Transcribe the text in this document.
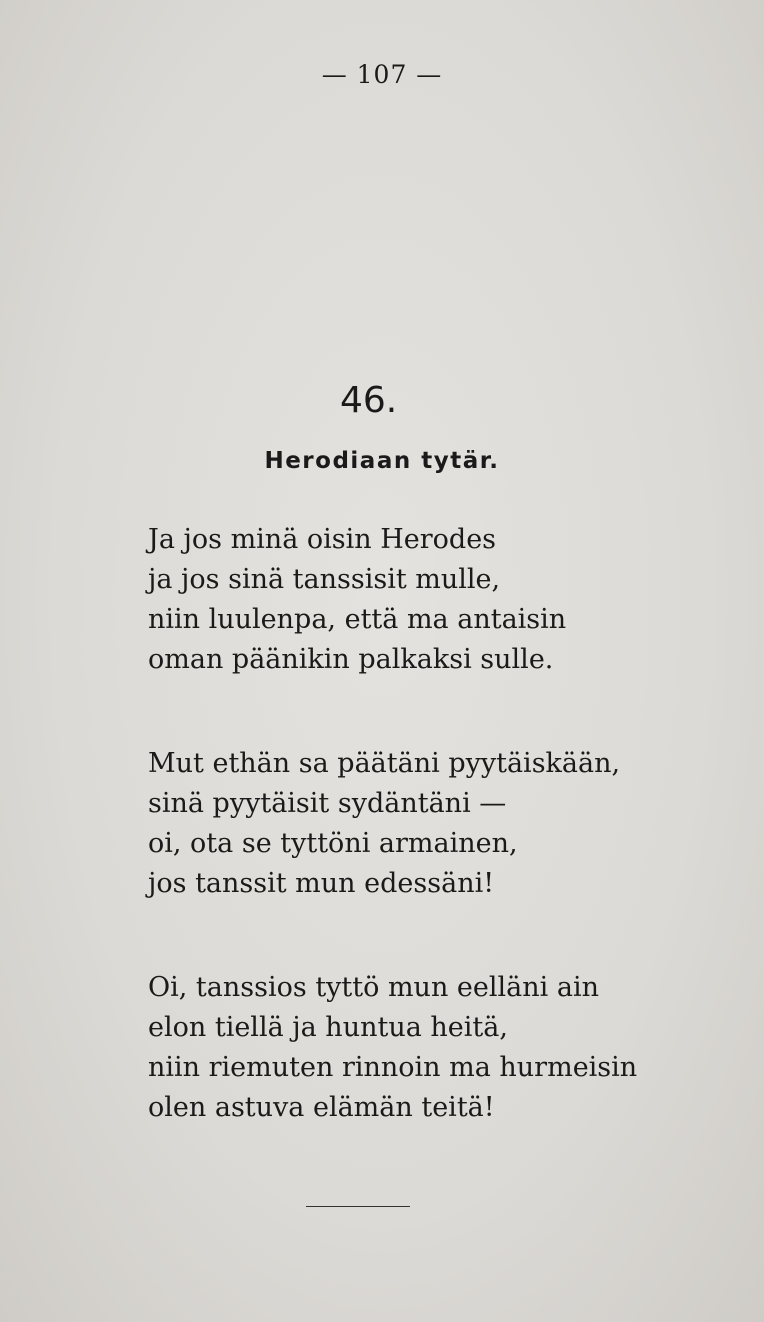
— 107 —
46.
Herodiaan tytär.
Ja jos minä oisin Herodes
ja jos sinä tanssisit mulle,
niin luulenpa, että ma antaisin
oman päänikin palkaksi sulle.
Mut ethän sa päätäni pyytäiskään,
sinä pyytäisit sydäntäni —
oi, ota se tyttöni armainen,
jos tanssit mun edessäni!
Oi, tanssios tyttö mun eelläni ain
elon tiellä ja huntua heitä,
niin riemuten rinnoin ma hurmeisin
olen astuva elämän teitä!
